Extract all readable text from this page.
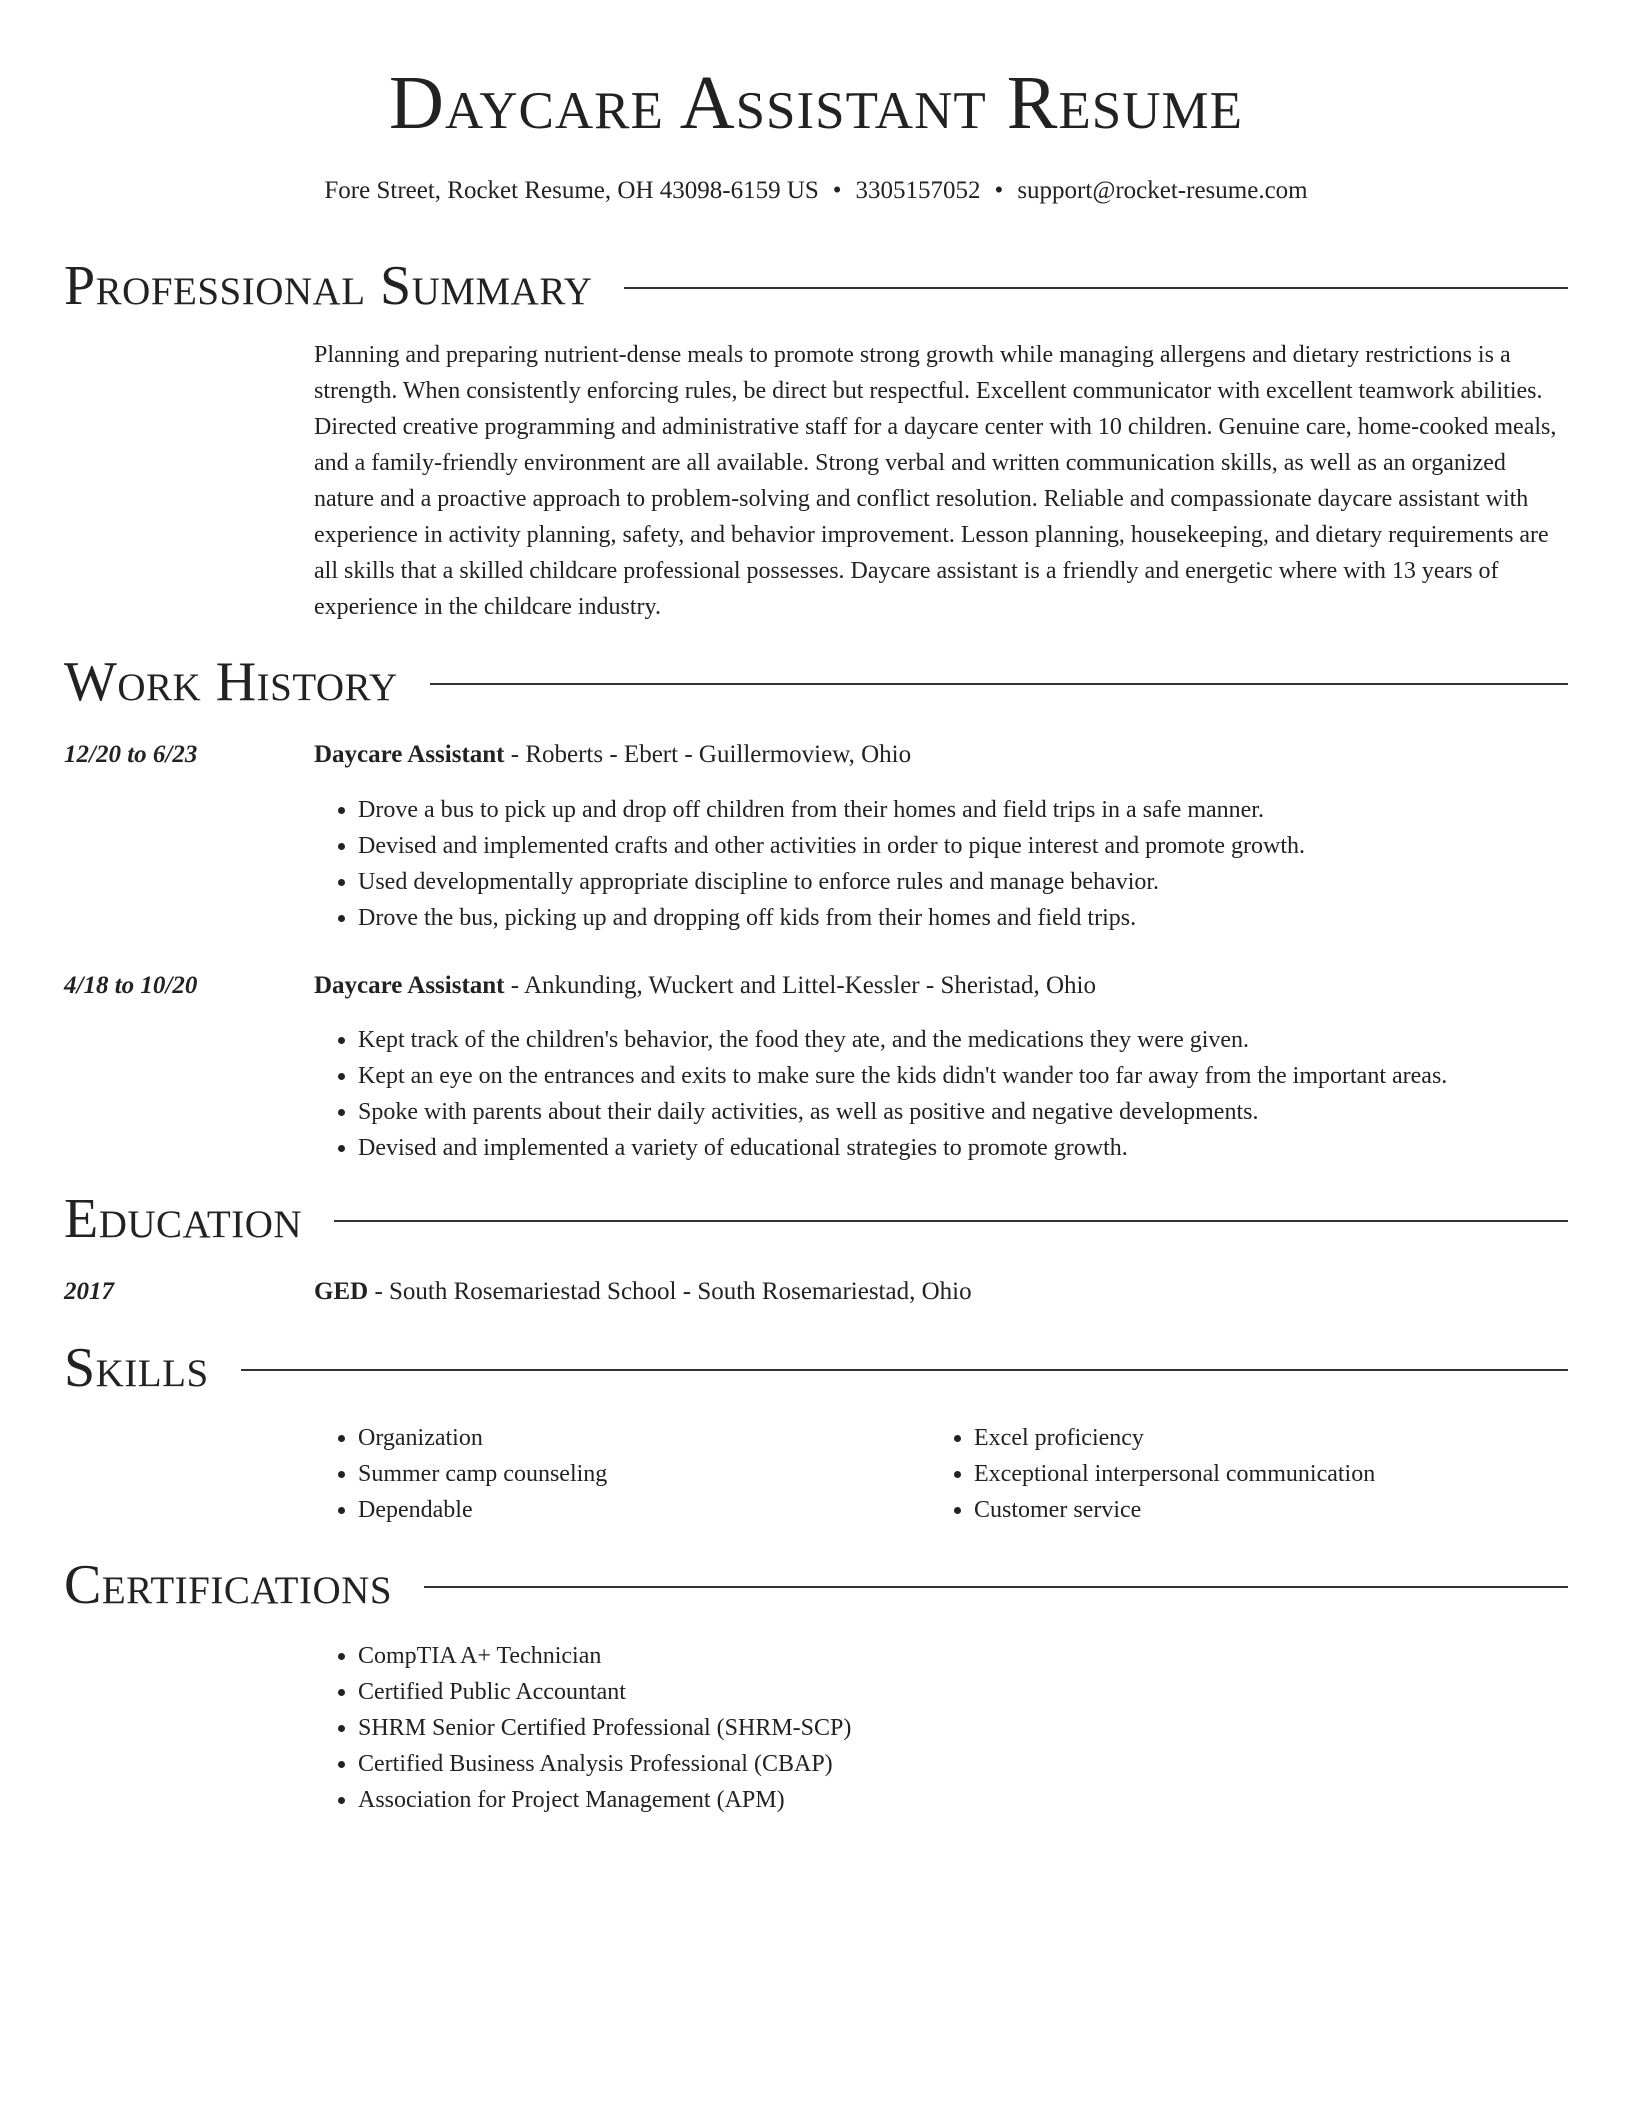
Daycare Assistant Resume
Fore Street, Rocket Resume, OH 43098-6159 US • 3305157052 • support@rocket-resume.com
Professional Summary

Planning and preparing nutrient-dense meals to promote strong growth while managing allergens and dietary restrictions is a strength. When consistently enforcing rules, be direct but respectful. Excellent communicator with excellent teamwork abilities. Directed creative programming and administrative staff for a daycare center with 10 children. Genuine care, home-cooked meals, and a family-friendly environment are all available. Strong verbal and written communication skills, as well as an organized nature and a proactive approach to problem-solving and conflict resolution. Reliable and compassionate daycare assistant with experience in activity planning, safety, and behavior improvement. Lesson planning, housekeeping, and dietary requirements are all skills that a skilled childcare professional possesses. Daycare assistant is a friendly and energetic where with 13 years of experience in the childcare industry.

Work History
12/20 to 6/23	Daycare Assistant - Roberts - Ebert - Guillermoview, Ohio
• Drove a bus to pick up and drop off children from their homes and field trips in a safe manner.
• Devised and implemented crafts and other activities in order to pique interest and promote growth.
• Used developmentally appropriate discipline to enforce rules and manage behavior.
• Drove the bus, picking up and dropping off kids from their homes and field trips.
4/18 to 10/20	Daycare Assistant - Ankunding, Wuckert and Littel-Kessler - Sheristad, Ohio
• Kept track of the children's behavior, the food they ate, and the medications they were given.
• Kept an eye on the entrances and exits to make sure the kids didn't wander too far away from the important areas.
• Spoke with parents about their daily activities, as well as positive and negative developments.
• Devised and implemented a variety of educational strategies to promote growth.
Education
2017	GED - South Rosemariestad School - South Rosemariestad, Ohio
Skills
• Organization
• Summer camp counseling
• Dependable
• Excel proficiency
• Exceptional interpersonal communication
• Customer service
Certifications
• CompTIA A+ Technician
• Certified Public Accountant
• SHRM Senior Certified Professional (SHRM-SCP)
• Certified Business Analysis Professional (CBAP)
• Association for Project Management (APM)
